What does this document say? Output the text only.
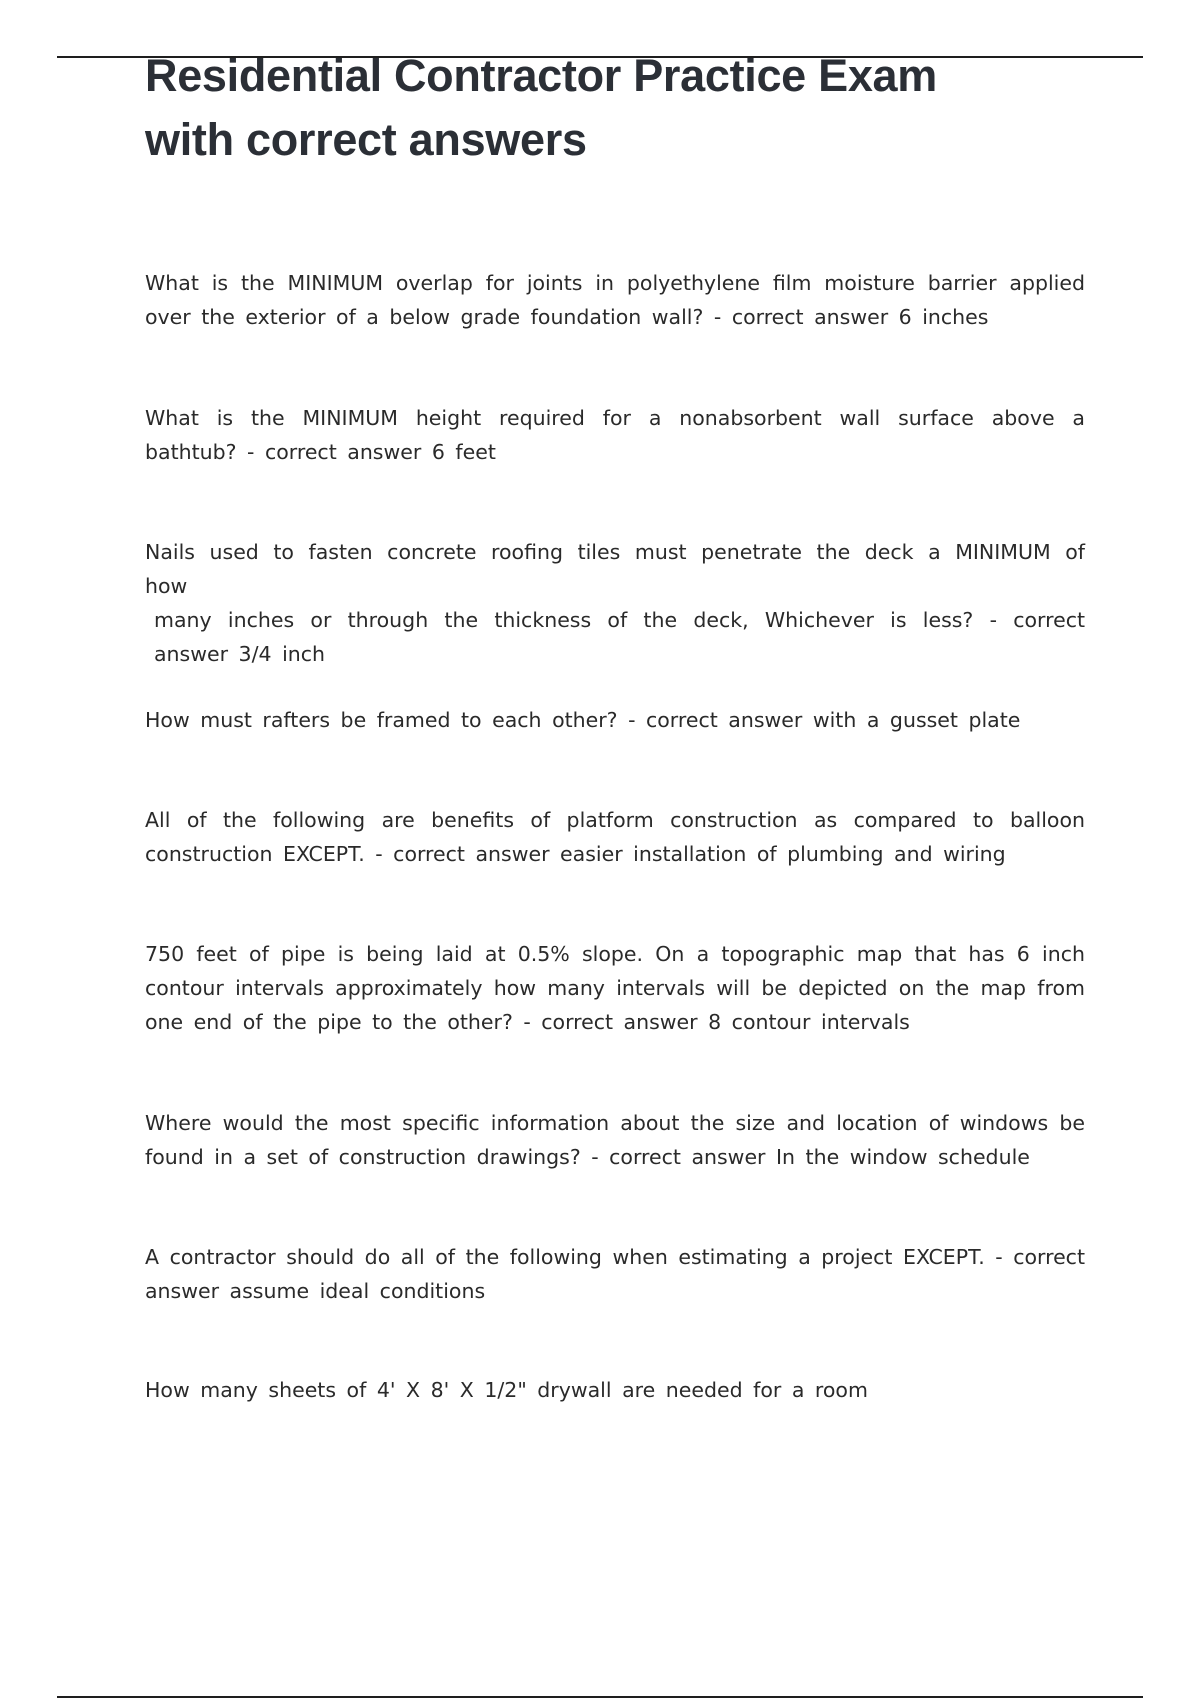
Residential Contractor Practice Exam
with correct answers

What is the MINIMUM overlap for joints in polyethylene film moisture barrier applied over the exterior of a below grade foundation wall? - correct answer 6 inches

What is the MINIMUM height required for a nonabsorbent wall surface above a bathtub? - correct answer 6 feet

Nails used to fasten concrete roofing tiles must penetrate the deck a MINIMUM of how
many inches or through the thickness of the deck, Whichever is less? - correct answer 3/4 inch

How must rafters be framed to each other? - correct answer with a gusset plate

All of the following are benefits of platform construction as compared to balloon construction EXCEPT. - correct answer easier installation of plumbing and wiring

750 feet of pipe is being laid at 0.5% slope. On a topographic map that has 6 inch contour intervals approximately how many intervals will be depicted on the map from one end of the pipe to the other? - correct answer 8 contour intervals

Where would the most specific information about the size and location of windows be found in a set of construction drawings? - correct answer In the window schedule

A contractor should do all of the following when estimating a project EXCEPT. - correct answer assume ideal conditions

How many sheets of 4' X 8' X 1/2" drywall are needed for a room
